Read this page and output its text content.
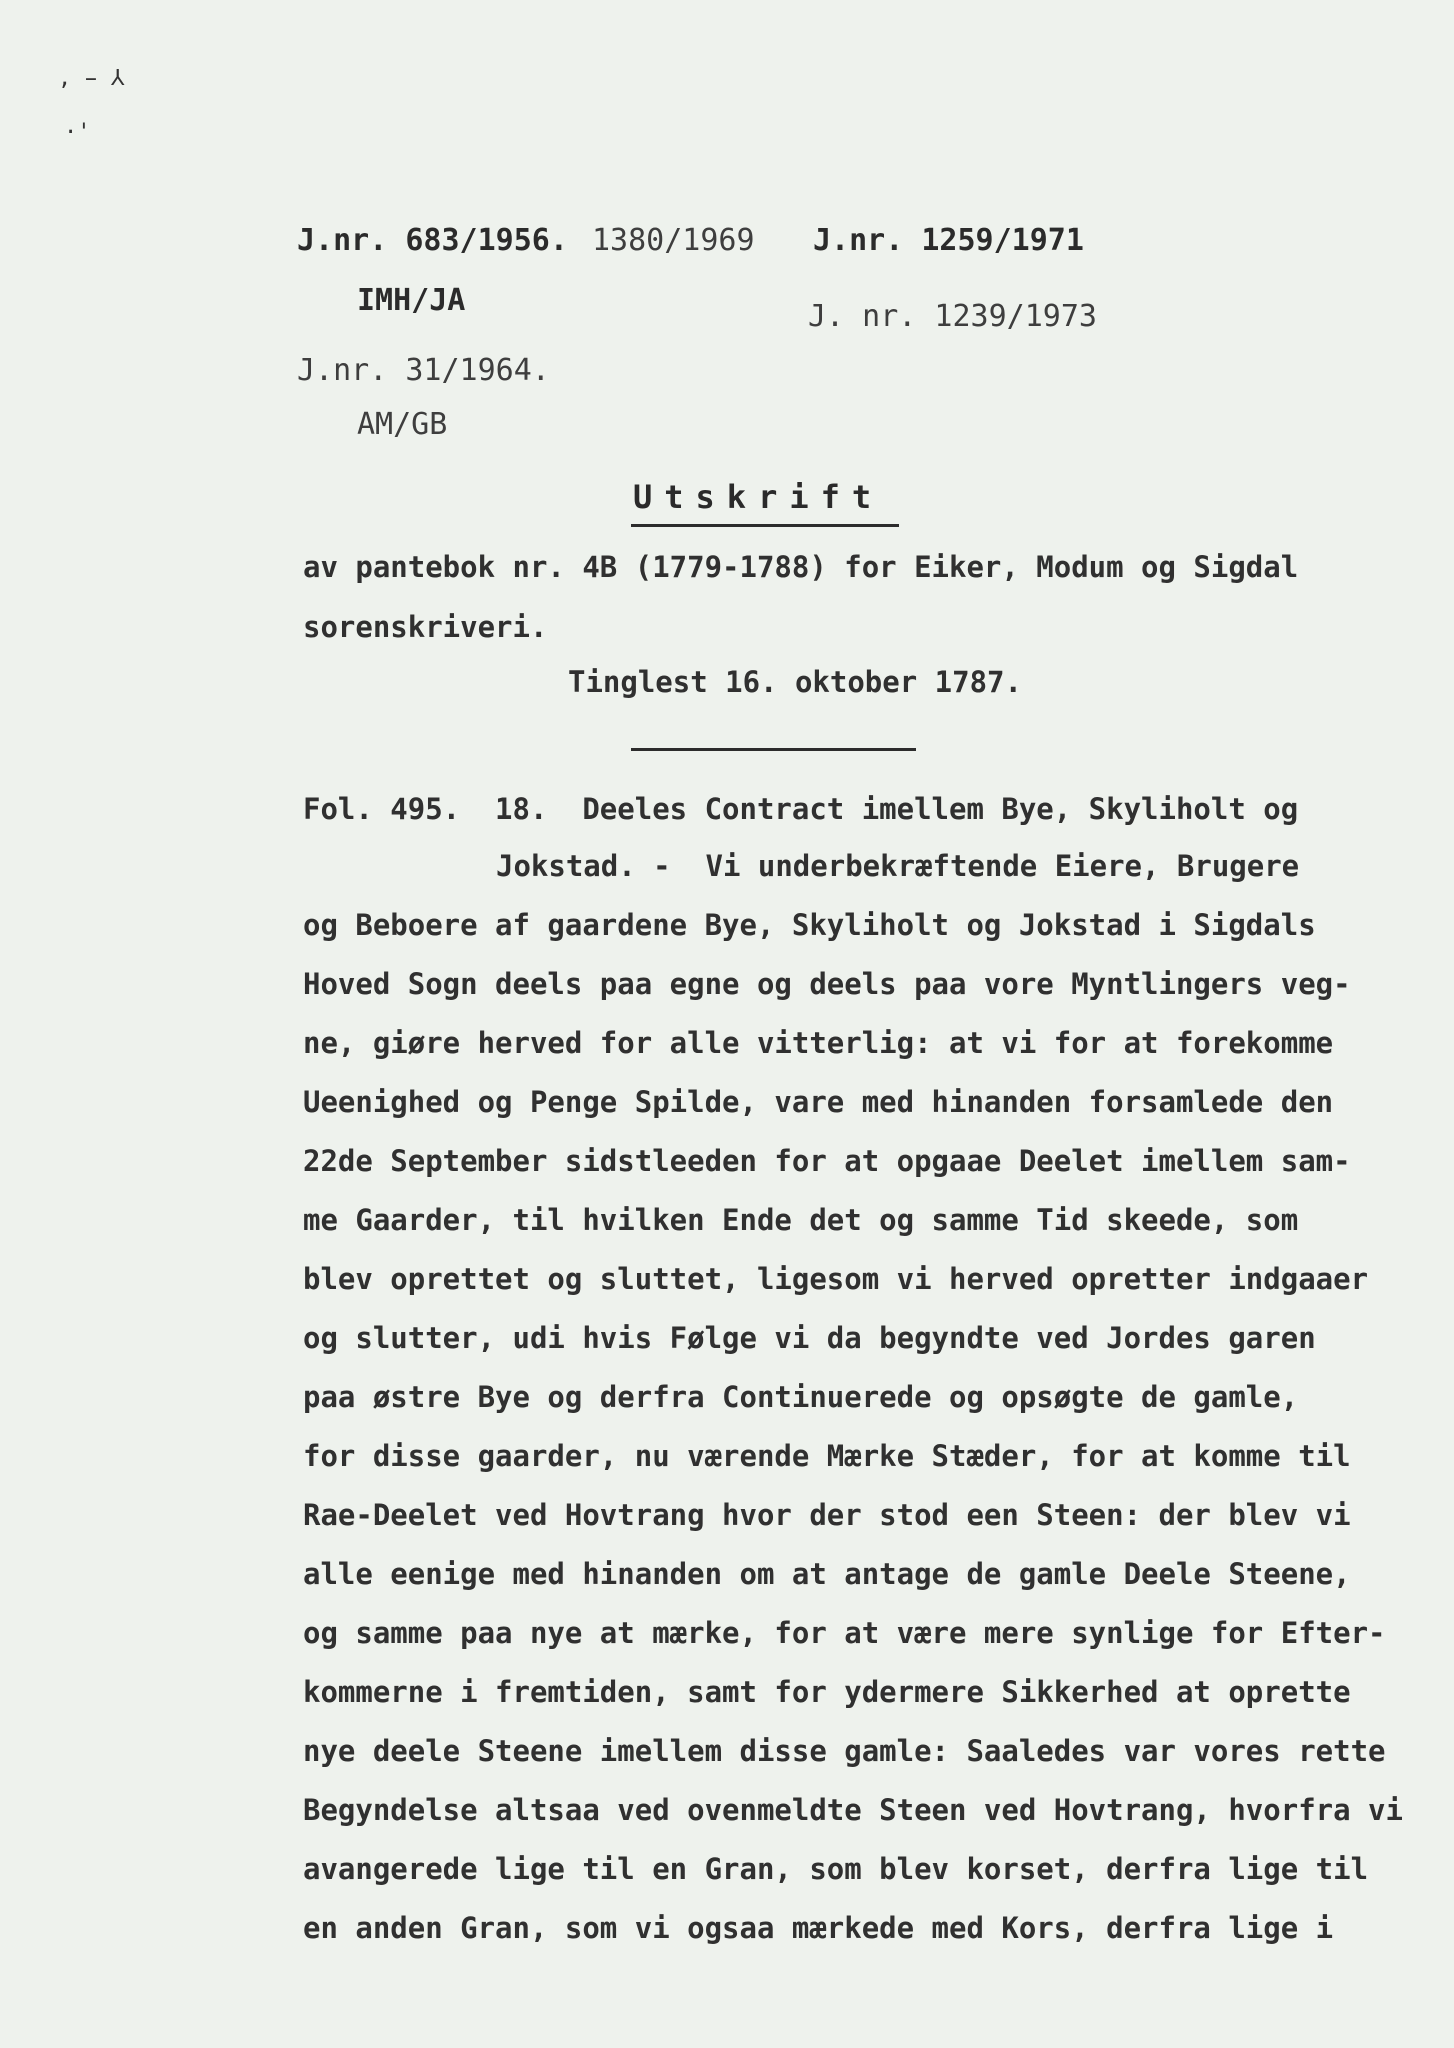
‚ ̵ ⅄
·'
J.nr. 683/1956. 1380/1969 J.nr. 1259/1971
IMH/JA	J. nr. 1239/1973
J.nr. 31/1964.
AM/GB
Utskrift
av pantebok nr. 4B (1779-1788) for Eiker, Modum og Sigdal
sorenskriveri.
Tinglest 16. oktober 1787.
Fol. 495.  18.  Deeles Contract imellem Bye, Skyliholt og
Jokstad. -  Vi underbekræftende Eiere, Brugere
og Beboere af gaardene Bye, Skyliholt og Jokstad i Sigdals
Hoved Sogn deels paa egne og deels paa vore Myntlingers veg-
ne, giøre herved for alle vitterlig: at vi for at forekomme
Ueenighed og Penge Spilde, vare med hinanden forsamlede den
22de September sidstleeden for at opgaae Deelet imellem sam-
me Gaarder, til hvilken Ende det og samme Tid skeede, som
blev oprettet og sluttet, ligesom vi herved opretter indgaaer
og slutter, udi hvis Følge vi da begyndte ved Jordes garen
paa østre Bye og derfra Continuerede og opsøgte de gamle,
for disse gaarder, nu værende Mærke Stæder, for at komme til
Rae-Deelet ved Hovtrang hvor der stod een Steen: der blev vi
alle eenige med hinanden om at antage de gamle Deele Steene,
og samme paa nye at mærke, for at være mere synlige for Efter-
kommerne i fremtiden, samt for ydermere Sikkerhed at oprette
nye deele Steene imellem disse gamle: Saaledes var vores rette
Begyndelse altsaa ved ovenmeldte Steen ved Hovtrang, hvorfra vi
avangerede lige til en Gran, som blev korset, derfra lige til
en anden Gran, som vi ogsaa mærkede med Kors, derfra lige i
